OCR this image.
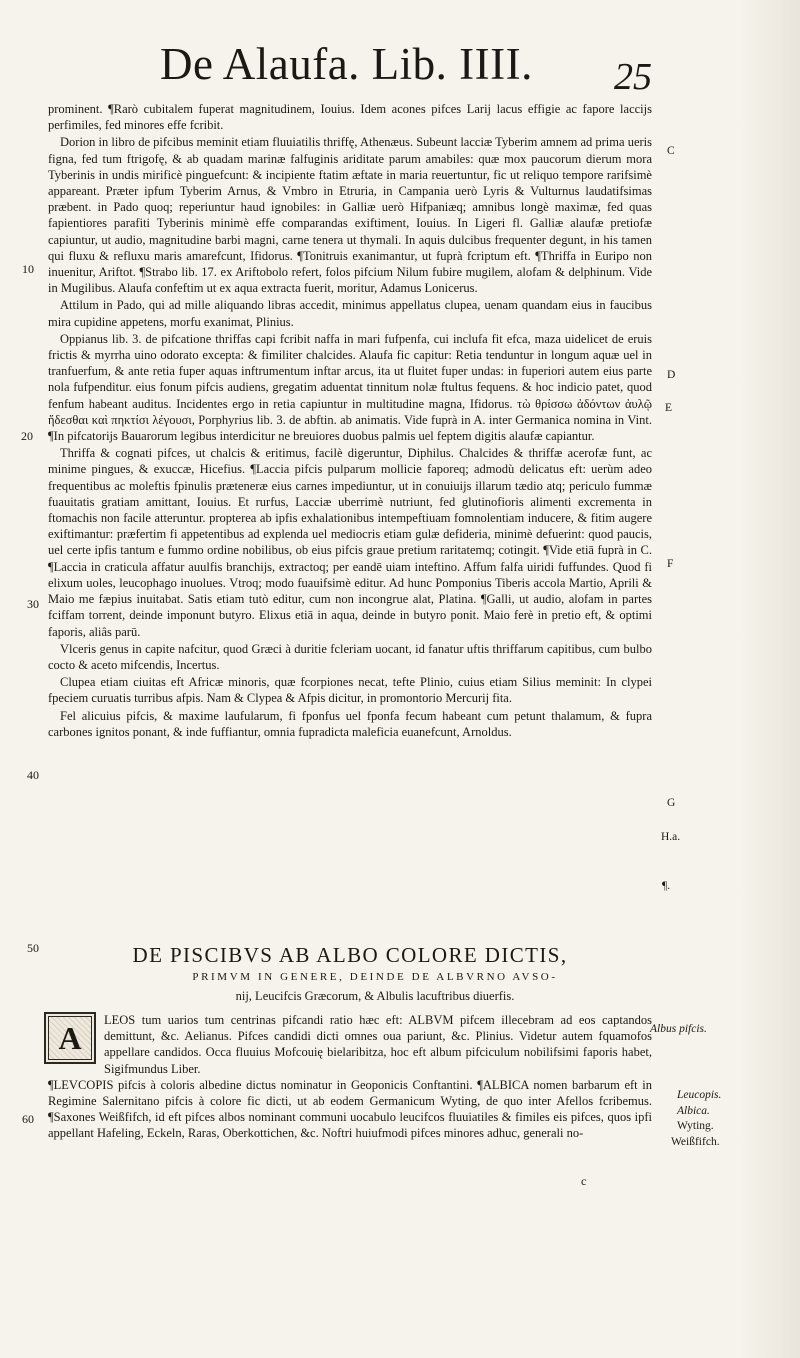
De Alaufa. Lib. IIII. 25

prominent. ¶Rarò cubitalem fuperat magnitudinem, Iouius. Idem acones pifces Larij lacus effigie ac fapore laccijs perfimiles, fed minores effe fcribit.

Dorion in libro de pifcibus meminit etiam fluuiatilis thriffę, Athenæus. Subeunt lacciæ Tyberim amnem ad prima ueris figna, fed tum ftrigofę, & ab quadam marinæ falfuginis ariditate parum amabiles: quæ mox paucorum dierum mora Tyberinis in undis mirificè pinguefcunt: & incipiente ftatim æftate in maria reuertuntur, fic ut reliquo tempore rarifsimè appareant. Præter ipfum Tyberim Arnus, & Vmbro in Etruria, in Campania uerò Lyris & Vulturnus laudatifsimas præbent. in Pado quoq; reperiuntur haud ignobiles: in Galliæ uerò Hifpaniæq; amnibus longè maximæ, fed quas fapientiores parafiti Tyberinis minimè effe comparandas exiftiment, Iouius. In Ligeri fl. Galliæ alaufæ pretiofæ capiuntur, ut audio, magnitudine barbi magni, carne tenera ut thymali. In aquis dulcibus frequenter degunt, in his tamen qui fluxu & refluxu maris amarefcunt, Ifidorus. ¶Tonitruis exanimantur, ut fuprà fcriptum eft. ¶Thriffa in Euripo non inuenitur, Ariftot. ¶Strabo lib. 17. ex Ariftobolo refert, folos pifcium Nilum fubire mugilem, alofam & delphinum. Vide in Mugilibus. Alaufa confeftim ut ex aqua extracta fuerit, moritur, Adamus Lonicerus.

Attilum in Pado, qui ad mille aliquando libras accedit, minimus appellatus clupea, uenam quandam eius in faucibus mira cupidine appetens, morfu exanimat, Plinius.

Oppianus lib. 3. de pifcatione thriffas capi fcribit naffa in mari fufpenfa, cui inclufa fit efca, maza uidelicet de eruis frictis & myrrha uino odorato excepta: & fimiliter chalcides. Alaufa fic capitur: Retia tenduntur in longum aquæ uel in tranfuerfum, & ante retia fuper aquas inftrumentum inftar arcus, ita ut fluitet fuper undas: in fuperiori autem eius parte nola fufpenditur. eius fonum pifcis audiens, gregatim aduentat tinnitum nolæ ftultus fequens. & hoc indicio patet, quod fenfum habeant auditus. Incidentes ergo in retia capiuntur in multitudine magna, Ifidorus. τὼ θρίσσω ἀδόντων ἀυλῷ ἥδεσθαι καὶ πηκτίσι λέγουσι, Porphyrius lib. 3. de abftin. ab animatis. Vide fuprà in A. inter Germanica nomina in Vint. ¶In pifcatorijs Bauarorum legibus interdicitur ne breuiores duobus palmis uel feptem digitis alaufæ capiantur.

Thriffa & cognati pifces, ut chalcis & eritimus, facilè digeruntur, Diphilus. Chalcides & thriffæ acerofæ funt, ac minime pingues, & exuccæ, Hicefius. ¶Laccia pifcis pulparum mollicie faporeq; admodù delicatus eft: uerùm adeo frequentibus ac moleftis fpinulis præteneræ eius carnes impediuntur, ut in conuiuijs illarum tædio atq; periculo fummæ fuauitatis gratiam amittant, Iouius. Et rurfus, Lacciæ uberrimè nutriunt, fed glutinofioris alimenti excrementa in ftomachis non facile atteruntur. propterea ab ipfis exhalationibus intempeftiuam fomnolentiam inducere, & fitim augere exiftimantur: præfertim fi appetentibus ad explenda uel mediocris etiam gulæ defideria, minimè defuerint: quod paucis, uel certe ipfis tantum e fummo ordine nobilibus, ob eius pifcis graue pretium raritatemq; cotingit. ¶Vide etiā fuprà in C. ¶Laccia in craticula affatur auulfis branchijs, extractoq; per eandē uiam inteftino. Affum falfa uiridi fuffundes. Quod fi elixum uoles, leucophago inuolues. Vtroq; modo fuauifsimè editur. Ad hunc Pomponius Tiberis accola Martio, Aprili & Maio me fæpius inuitabat. Satis etiam tutò editur, cum non incongrue alat, Platina. ¶Galli, ut audio, alofam in partes fciffam torrent, deinde imponunt butyro. Elixus etiā in aqua, deinde in butyro ponit. Maio ferè in pretio eft, & optimi faporis, aliâs parū.

Vlceris genus in capite nafcitur, quod Græci à duritie fcleriam uocant, id fanatur uftis thriffarum capitibus, cum bulbo cocto & aceto mifcendis, Incertus.

Clupea etiam ciuitas eft Africæ minoris, quæ fcorpiones necat, tefte Plinio, cuius etiam Silius meminit: In clypei fpeciem curuatis turribus afpis. Nam & Clypea & Afpis dicitur, in promontorio Mercurij fita.

Fel alicuius pifcis, & maxime laufularum, fi fponfus uel fponfa fecum habeant cum petunt thalamum, & fupra carbones ignitos ponant, & inde fuffiantur, omnia fupradicta maleficia euanefcunt, Arnoldus.

C
D
E
F
G
H.a.
¶.
10
20
30
40
50
60
DE PISCIBVS AB ALBO COLORE DICTIS,
PRIMVM IN GENERE, DEINDE DE ALBVRNO AVSO-
nij, Leucifcis Græcorum, & Albulis lacuftribus diuerfis.

LEOS tum uarios tum centrinas pifcandi ratio hæc eft: ALBVM pifcem illecebram ad eos captandos demittunt, &c. Aelianus. Pifces candidi dicti omnes oua pariunt, &c. Plinius. Videtur autem fquamofos appellare candidos. Occa fluuius Mofcouię bielaribitza, hoc eft album pifciculum nobilifsimi faporis habet, Sigifmundus Liber.

¶LEVCOPIS pifcis à coloris albedine dictus nominatur in Geoponicis Conftantini. ¶ALBICA nomen barbarum eft in Regimine Salernitano pifcis à colore fic dicti, ut ab eodem Germanicum Wyting, de quo inter Afellos fcribemus. ¶Saxones Weißfifch, id eft pifces albos nominant communi uocabulo leucifcos fluuiatiles & fimiles eis pifces, quos ipfi appellant Hafeling, Eckeln, Raras, Oberkottichen, &c. Noftri huiufmodi pifces minores adhuc, generali no-

A
c
Albus pifcis.
Leucopis.
Albica.
Wyting.
Weißfifch.
